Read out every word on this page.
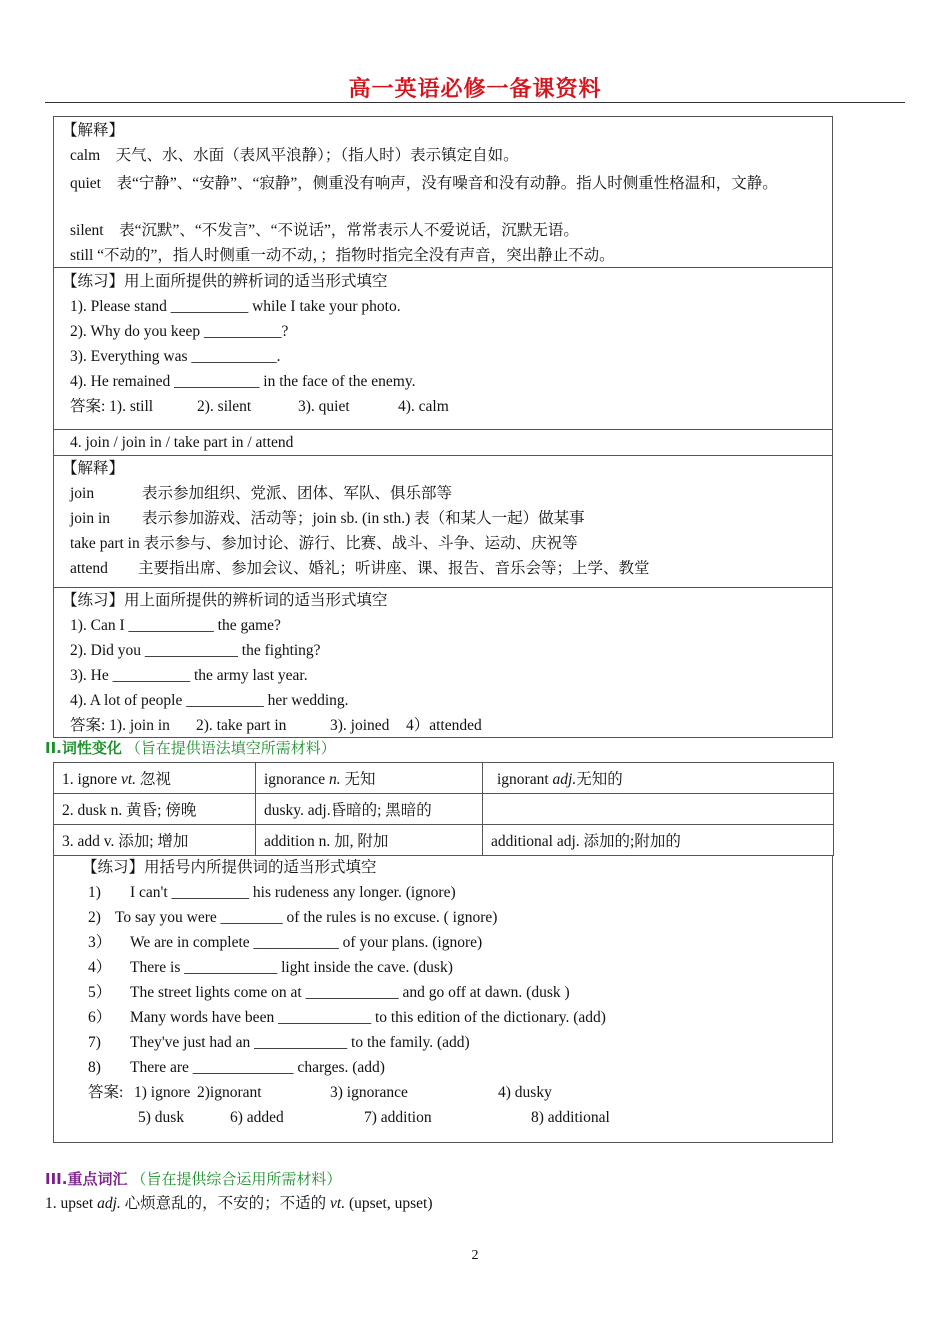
高一英语必修一备课资料
【解释】
calm　天气、水、水面（表风平浪静）；（指人时）表示镇定自如。
quiet　表“宁静”、“安静”、“寂静”，侧重没有响声，没有噪音和没有动静。指人时侧重性格温和，文静。
silent　表“沉默”、“不发言”、“不说话”，常常表示人不爱说话，沉默无语。
still “不动的”，指人时侧重一动不动，；指物时指完全没有声音，突出静止不动。
【练习】用上面所提供的辨析词的适当形式填空
1). Please stand __________ while I take your photo.
2). Why do you keep __________?
3). Everything was ___________.
4). He remained ___________ in the face of the enemy.
答案: 1). still	2). silent	3). quiet	4). calm
4. join / join in / take part in / attend
【解释】
join	表示参加组织、党派、团体、军队、俱乐部等
join in 表示参加游戏、活动等；join sb. (in sth.) 表（和某人一起）做某事
take part in 表示参与、参加讨论、游行、比赛、战斗、斗争、运动、庆祝等
attend 主要指出席、参加会议、婚礼；听讲座、课、报告、音乐会等；上学、教堂
【练习】用上面所提供的辨析词的适当形式填空
1). Can I ___________ the game?
2). Did you ____________ the fighting?
3). He __________ the army last year.
4). A lot of people __________ her wedding.
答案: 1). join in 2). take part in	3). joined 4）attended
II.词性变化 （旨在提供语法填空所需材料）
1. ignore vt. 忽视	ignorance n. 无知	ignorant adj.无知的
2. dusk n. 黄昏; 傍晚	dusky. adj.昏暗的; 黑暗的	
3. add v. 添加; 增加	addition n. 加, 附加	additional adj. 添加的;附加的
【练习】用括号内所提供词的适当形式填空
1) I can't __________ his rudeness any longer. (ignore)
2) To say you were ________ of the rules is no excuse. ( ignore)
3） We are in complete ___________ of your plans. (ignore)
4） There is ____________ light inside the cave. (dusk)
5） The street lights come on at ____________ and go off at dawn. (dusk )
6） Many words have been ____________ to this edition of the dictionary. (add)
7) They've just had an ____________ to the family. (add)
8) There are _____________ charges. (add)
答案: 1) ignore 2)ignorant	3) ignorance	4) dusky
5) dusk	6) added	7) addition	8) additional
III.重点词汇 （旨在提供综合运用所需材料）
1. upset adj. 心烦意乱的，不安的；不适的 vt. (upset, upset)
2
